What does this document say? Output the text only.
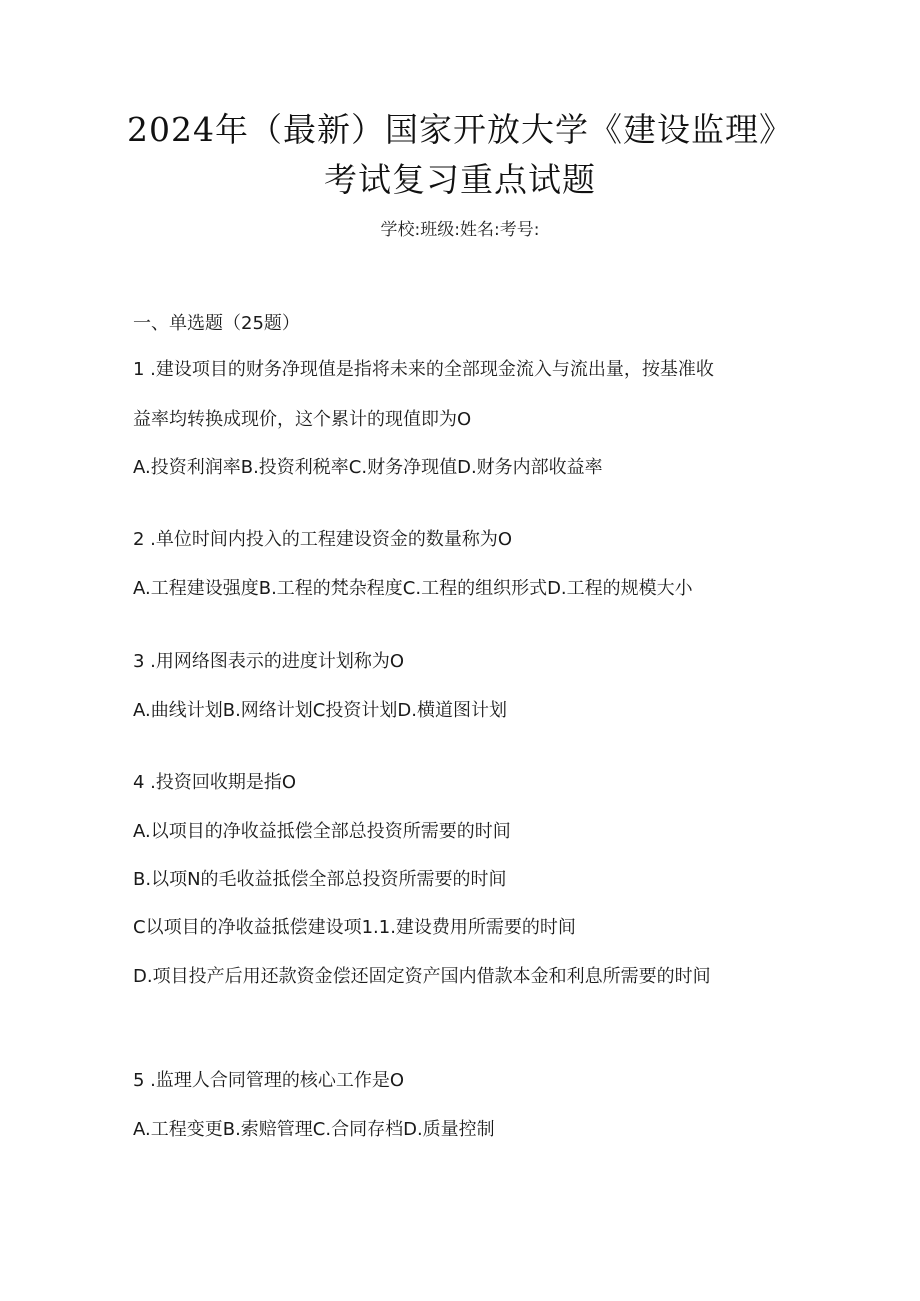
2024年（最新）国家开放大学《建设监理》
考试复习重点试题
学校:班级:姓名:考号:
一、单选题（25题）
1 .建设项目的财务净现值是指将未来的全部现金流入与流出量，按基准收
益率均转换成现价，这个累计的现值即为O
A.投资利润率B.投资利税率C.财务净现值D.财务内部收益率
2 .单位时间内投入的工程建设资金的数量称为O
A.工程建设强度B.工程的梵杂程度C.工程的组织形式D.工程的规模大小
3 .用网络图表示的进度计划称为O
A.曲线计划B.网络计划C投资计划D.横道图计划
4 .投资回收期是指O
A.以项目的净收益抵偿全部总投资所需要的时间
B.以项N的毛收益抵偿全部总投资所需要的时间
C以项目的净收益抵偿建设项1.1.建设费用所需要的时间
D.项目投产后用还款资金偿还固定资产国内借款本金和利息所需要的时间
5 .监理人合同管理的核心工作是O
A.工程变更B.索赔管理C.合同存档D.质量控制
